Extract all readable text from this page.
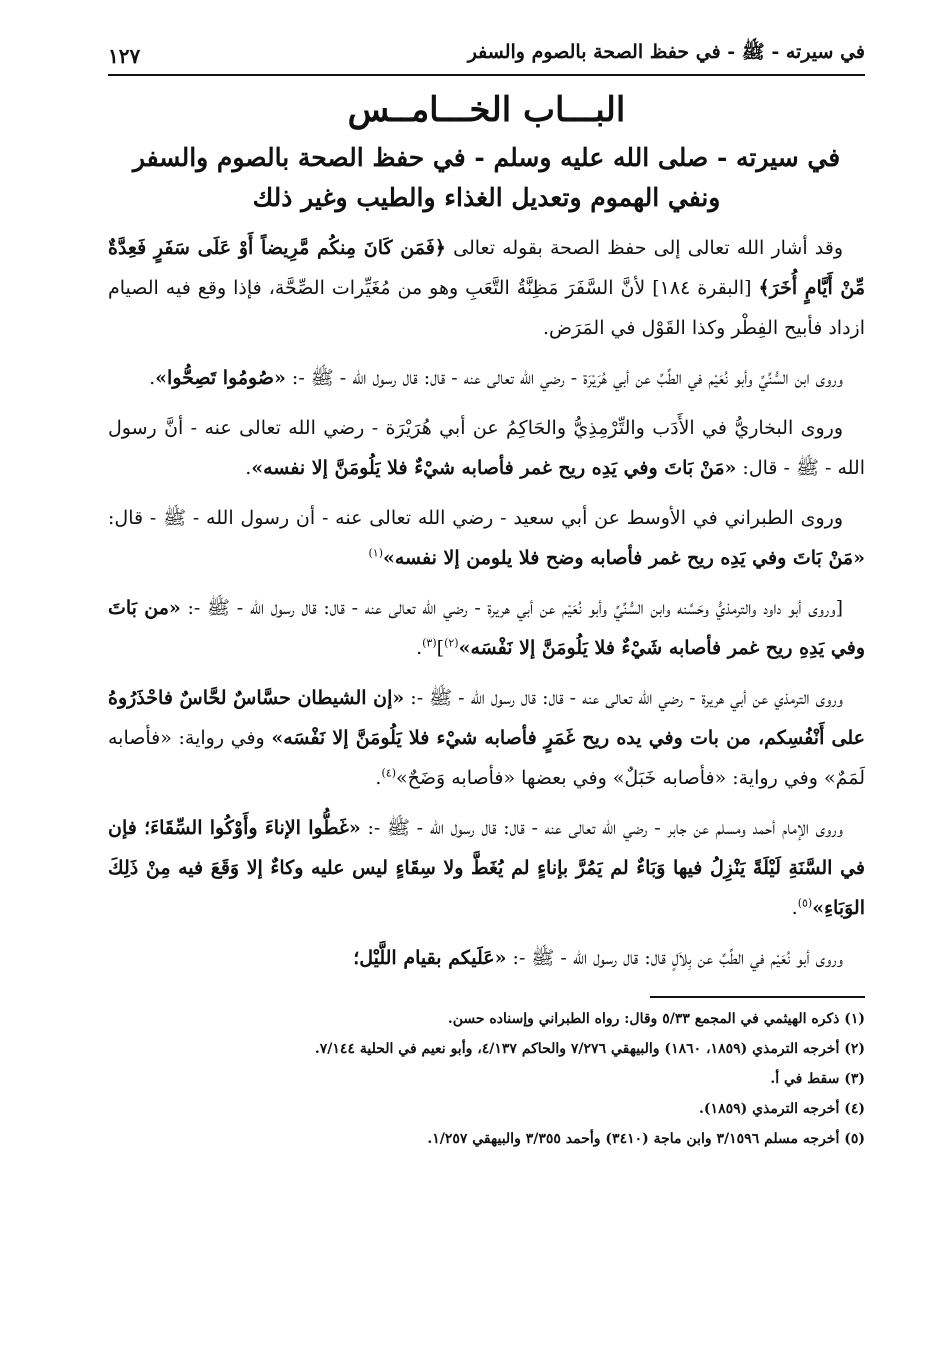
في سيرته - ﷺ - في حفظ الصحة بالصوم والسفر
١٢٧
البـــاب الخـــامــس
في سيرته - صلى الله عليه وسلم - في حفظ الصحة بالصوم والسفر
ونفي الهموم وتعديل الغذاء والطيب وغير ذلك

وقد أشار الله تعالى إلى حفظ الصحة بقوله تعالى ﴿فَمَن كَانَ مِنكُم مَّرِيضاً أَوْ عَلَى سَفَرٍ فَعِدَّةٌ مِّنْ أَيَّامٍ أُخَرَ﴾ [البقرة ١٨٤] لأنَّ السَّفَرَ مَظِنَّةُ التَّعَبِ وهو من مُغَيِّرات الصِّحَّة، فإذا وقع فيه الصيام ازداد فأبيح الفِطْر وكذا القَوْل في المَرَض.

وروى ابن السُّنِّيِّ وأبو نُعَيْم في الطِّبِّ عن أبي هُرَيْرَة - رضي الله تعالى عنه - قال: قال رسول الله - ﷺ -: «صُومُوا تَصِحُّوا».

وروى البخاريُّ في الأَدَب والتِّرْمِذِيُّ والحَاكِمُ عن أبي هُرَيْرَة - رضي الله تعالى عنه - أنَّ رسول الله - ﷺ - قال: «مَنْ بَاتَ وفي يَدِه ريح غمر فأصابه شيْءٌ فلا يَلُومَنَّ إلا نفسه».

وروى الطبراني في الأوسط عن أبي سعيد - رضي الله تعالى عنه - أن رسول الله - ﷺ - قال: «مَنْ بَاتَ وفي يَدِه ريح غمر فأصابه وضح فلا يلومن إلا نفسه»$^{(١)}$

[وروى أبو داود والترمذيُّ وحَسَّنه وابن السُّنِّيِّ وأبو نُعَيْم عن أبي هريرة - رضي الله تعالى عنه - قال: قال رسول الله - ﷺ -: «من بَاتَ وفي يَدِهِ ريح غمر فأصابه شَيْءٌ فلا يَلُومَنَّ إلا نَفْسَه»$^{(٢)}$]$^{(٣)}$.

وروى الترمذي عن أبي هريرة - رضي الله تعالى عنه - قال: قال رسول الله - ﷺ -: «إن الشيطان حسَّاسٌ لحَّاسٌ فاحْذَرُوهُ على أَنْفُسِكم، من بات وفي يده ريح غَمَرٍ فأصابه شيْء فلا يَلُومَنَّ إلا نَفْسَه» وفي رواية: «فأصابه لَمَمٌ» وفي رواية: «فأصابه خَبَلٌ» وفي بعضها «فأصابه وَضَحٌ»$^{(٤)}$.

وروى الإمام أحمد ومسلم عن جابر - رضي الله تعالى عنه - قال: قال رسول الله - ﷺ -: «غَطُّوا الإناءَ وأَوْكُوا السِّقَاءَ؛ فإن في السَّنَةِ لَيْلَةً يَنْزِلُ فيها وَبَاءٌ لم يَمُرَّ بإناءٍ لم يُغَطَّ ولا سِقَاءٍ ليس عليه وكاءٌ إلا وَقَعَ فيه مِنْ ذَلِكَ الوَبَاءِ»$^{(٥)}$.

وروى أبو نُعَيْم في الطِّبِّ عن بِلاَلٍ قال: قال رسول الله - ﷺ -: «عَلَيكم بقيام اللَّيْل؛

(١) ذكره الهيثمي في المجمع ٥/٣٣ وقال: رواه الطبراني وإسناده حسن.

(٢) أخرجه الترمذي (١٨٥٩، ١٨٦٠) والبيهقي ٧/٢٧٦ والحاكم ٤/١٣٧، وأبو نعيم في الحلية ٧/١٤٤.

(٣) سقط في أ.

(٤) أخرجه الترمذي (١٨٥٩).

(٥) أخرجه مسلم ٣/١٥٩٦ وابن ماجة (٣٤١٠) وأحمد ٣/٣٥٥ والبيهقي ١/٢٥٧.
